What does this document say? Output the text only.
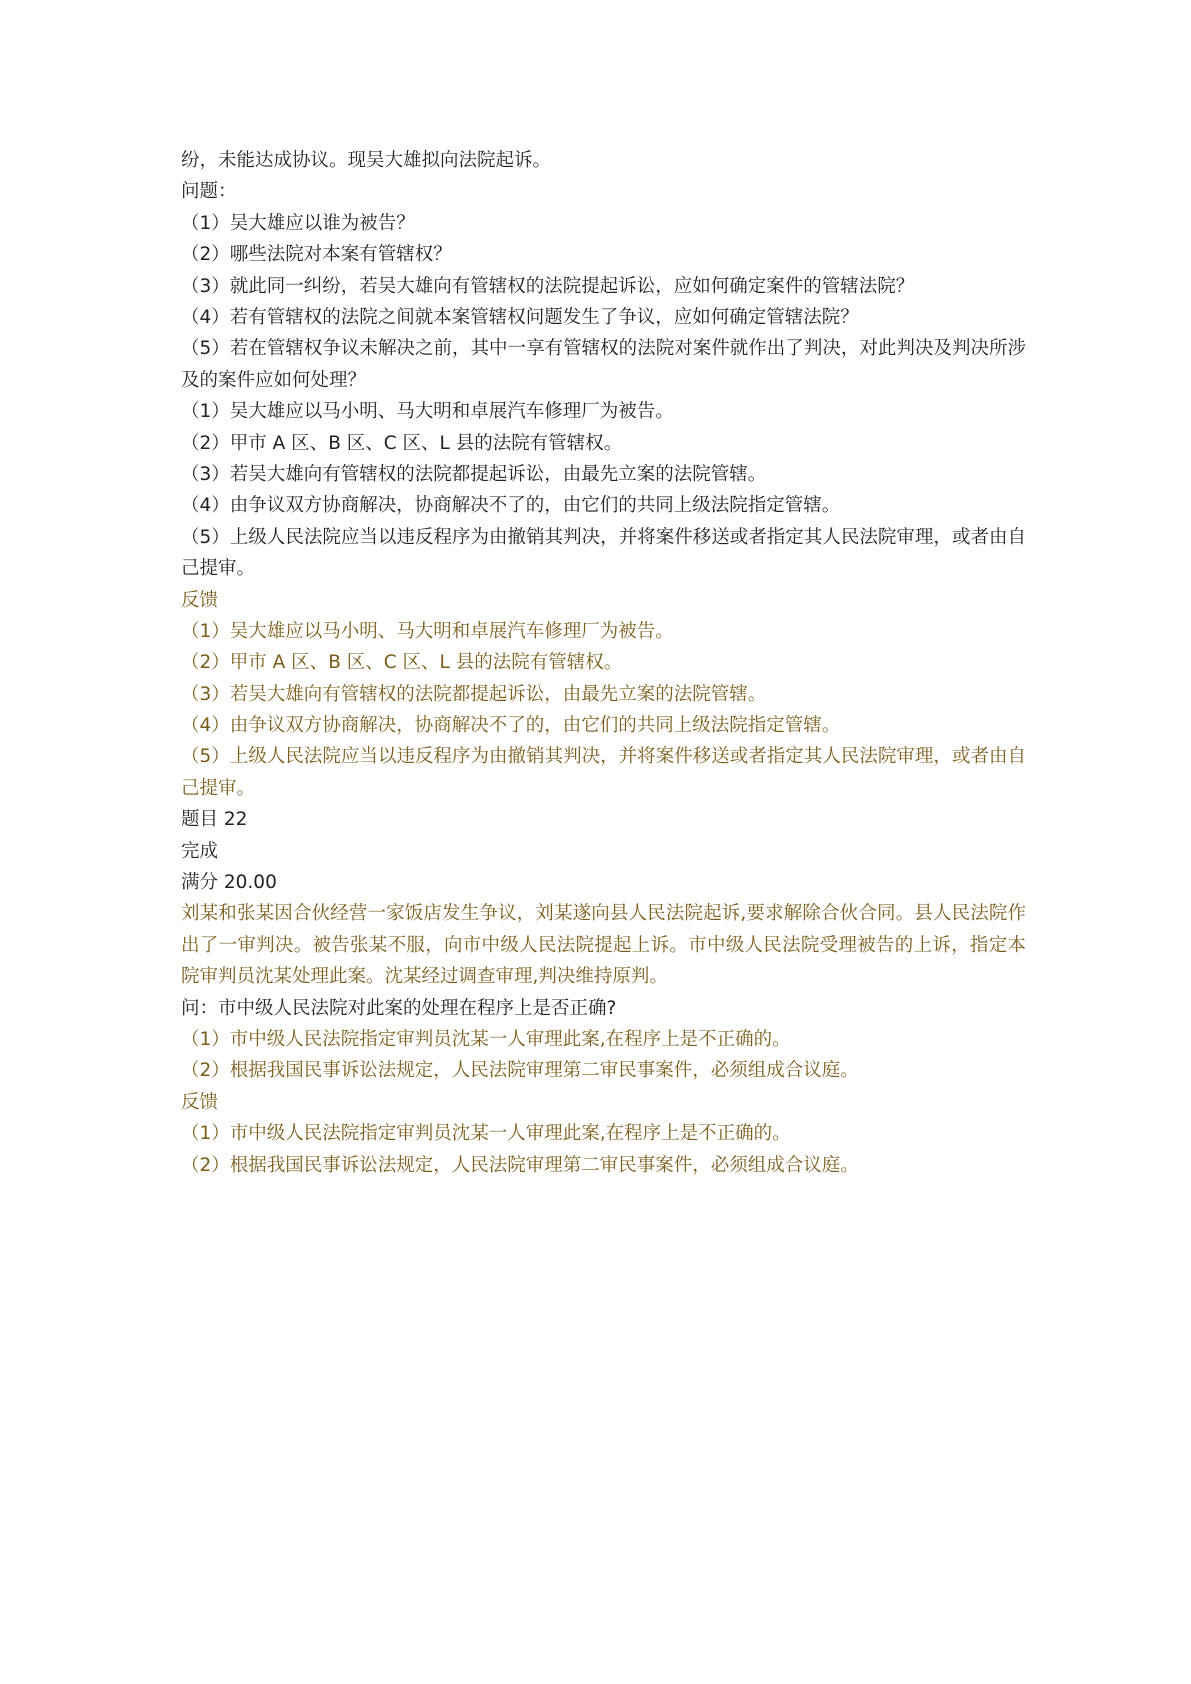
纷，未能达成协议。现吴大雄拟向法院起诉。
问题：
（1）吴大雄应以谁为被告？
（2）哪些法院对本案有管辖权？
（3）就此同一纠纷，若吴大雄向有管辖权的法院提起诉讼，应如何确定案件的管辖法院？
（4）若有管辖权的法院之间就本案管辖权问题发生了争议，应如何确定管辖法院？
（5）若在管辖权争议未解决之前，其中一享有管辖权的法院对案件就作出了判决，对此判决及判决所涉及的案件应如何处理？
（1）吴大雄应以马小明、马大明和卓展汽车修理厂为被告。
（2）甲市 A 区、B 区、C 区、L 县的法院有管辖权。
（3）若吴大雄向有管辖权的法院都提起诉讼，由最先立案的法院管辖。
（4）由争议双方协商解决，协商解决不了的，由它们的共同上级法院指定管辖。
（5）上级人民法院应当以违反程序为由撤销其判决，并将案件移送或者指定其人民法院审理，或者由自己提审。
反馈
（1）吴大雄应以马小明、马大明和卓展汽车修理厂为被告。
（2）甲市 A 区、B 区、C 区、L 县的法院有管辖权。
（3）若吴大雄向有管辖权的法院都提起诉讼，由最先立案的法院管辖。
（4）由争议双方协商解决，协商解决不了的，由它们的共同上级法院指定管辖。
（5）上级人民法院应当以违反程序为由撤销其判决，并将案件移送或者指定其人民法院审理，或者由自己提审。
题目 22
完成
满分 20.00
刘某和张某因合伙经营一家饭店发生争议，刘某遂向县人民法院起诉,要求解除合伙合同。县人民法院作出了一审判决。被告张某不服，向市中级人民法院提起上诉。市中级人民法院受理被告的上诉，指定本院审判员沈某处理此案。沈某经过调查审理,判决维持原判。
问：市中级人民法院对此案的处理在程序上是否正确?
（1）市中级人民法院指定审判员沈某一人审理此案,在程序上是不正确的。
（2）根据我国民事诉讼法规定，人民法院审理第二审民事案件，必须组成合议庭。
反馈
（1）市中级人民法院指定审判员沈某一人审理此案,在程序上是不正确的。
（2）根据我国民事诉讼法规定，人民法院审理第二审民事案件，必须组成合议庭。
